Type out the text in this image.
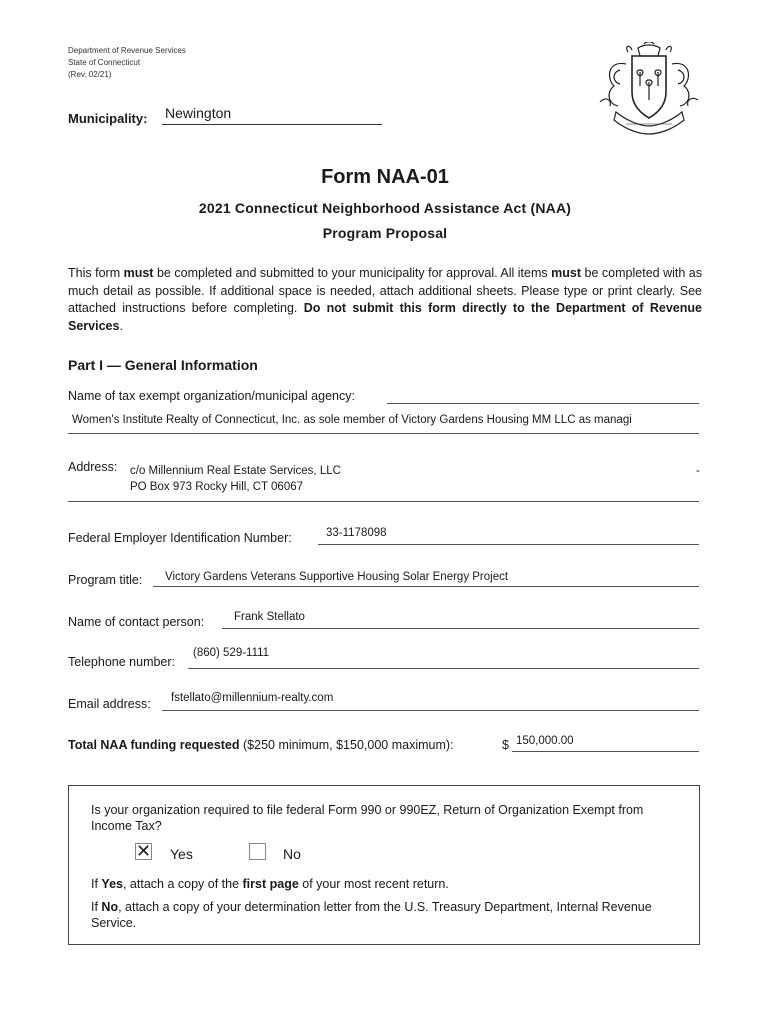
Department of Revenue Services
State of Connecticut
(Rev. 02/21)
Municipality: Newington
Form NAA-01
2021 Connecticut Neighborhood Assistance Act (NAA)
Program Proposal
This form must be completed and submitted to your municipality for approval. All items must be completed with as much detail as possible. If additional space is needed, attach additional sheets. Please type or print clearly. See attached instructions before completing. Do not submit this form directly to the Department of Revenue Services.
Part I — General Information
Name of tax exempt organization/municipal agency:
Women's Institute Realty of Connecticut, Inc. as sole member of Victory Gardens Housing MM LLC as managi
Address: c/o Millennium Real Estate Services, LLC	-
PO Box 973 Rocky Hill, CT 06067
Federal Employer Identification Number:	33-1178098
Program title: Victory Gardens Veterans Supportive Housing Solar Energy Project
Name of contact person:	Frank Stellato
Telephone number:
(860) 529-1111
Email address: fstellato@millennium-realty.com
Total NAA funding requested ($250 minimum, $150,000 maximum):	$ 150,000.00
Is your organization required to file federal Form 990 or 990EZ, Return of Organization Exempt from Income Tax?
✕ Yes	No
If Yes, attach a copy of the first page of your most recent return.
If No, attach a copy of your determination letter from the U.S. Treasury Department, Internal Revenue Service.
